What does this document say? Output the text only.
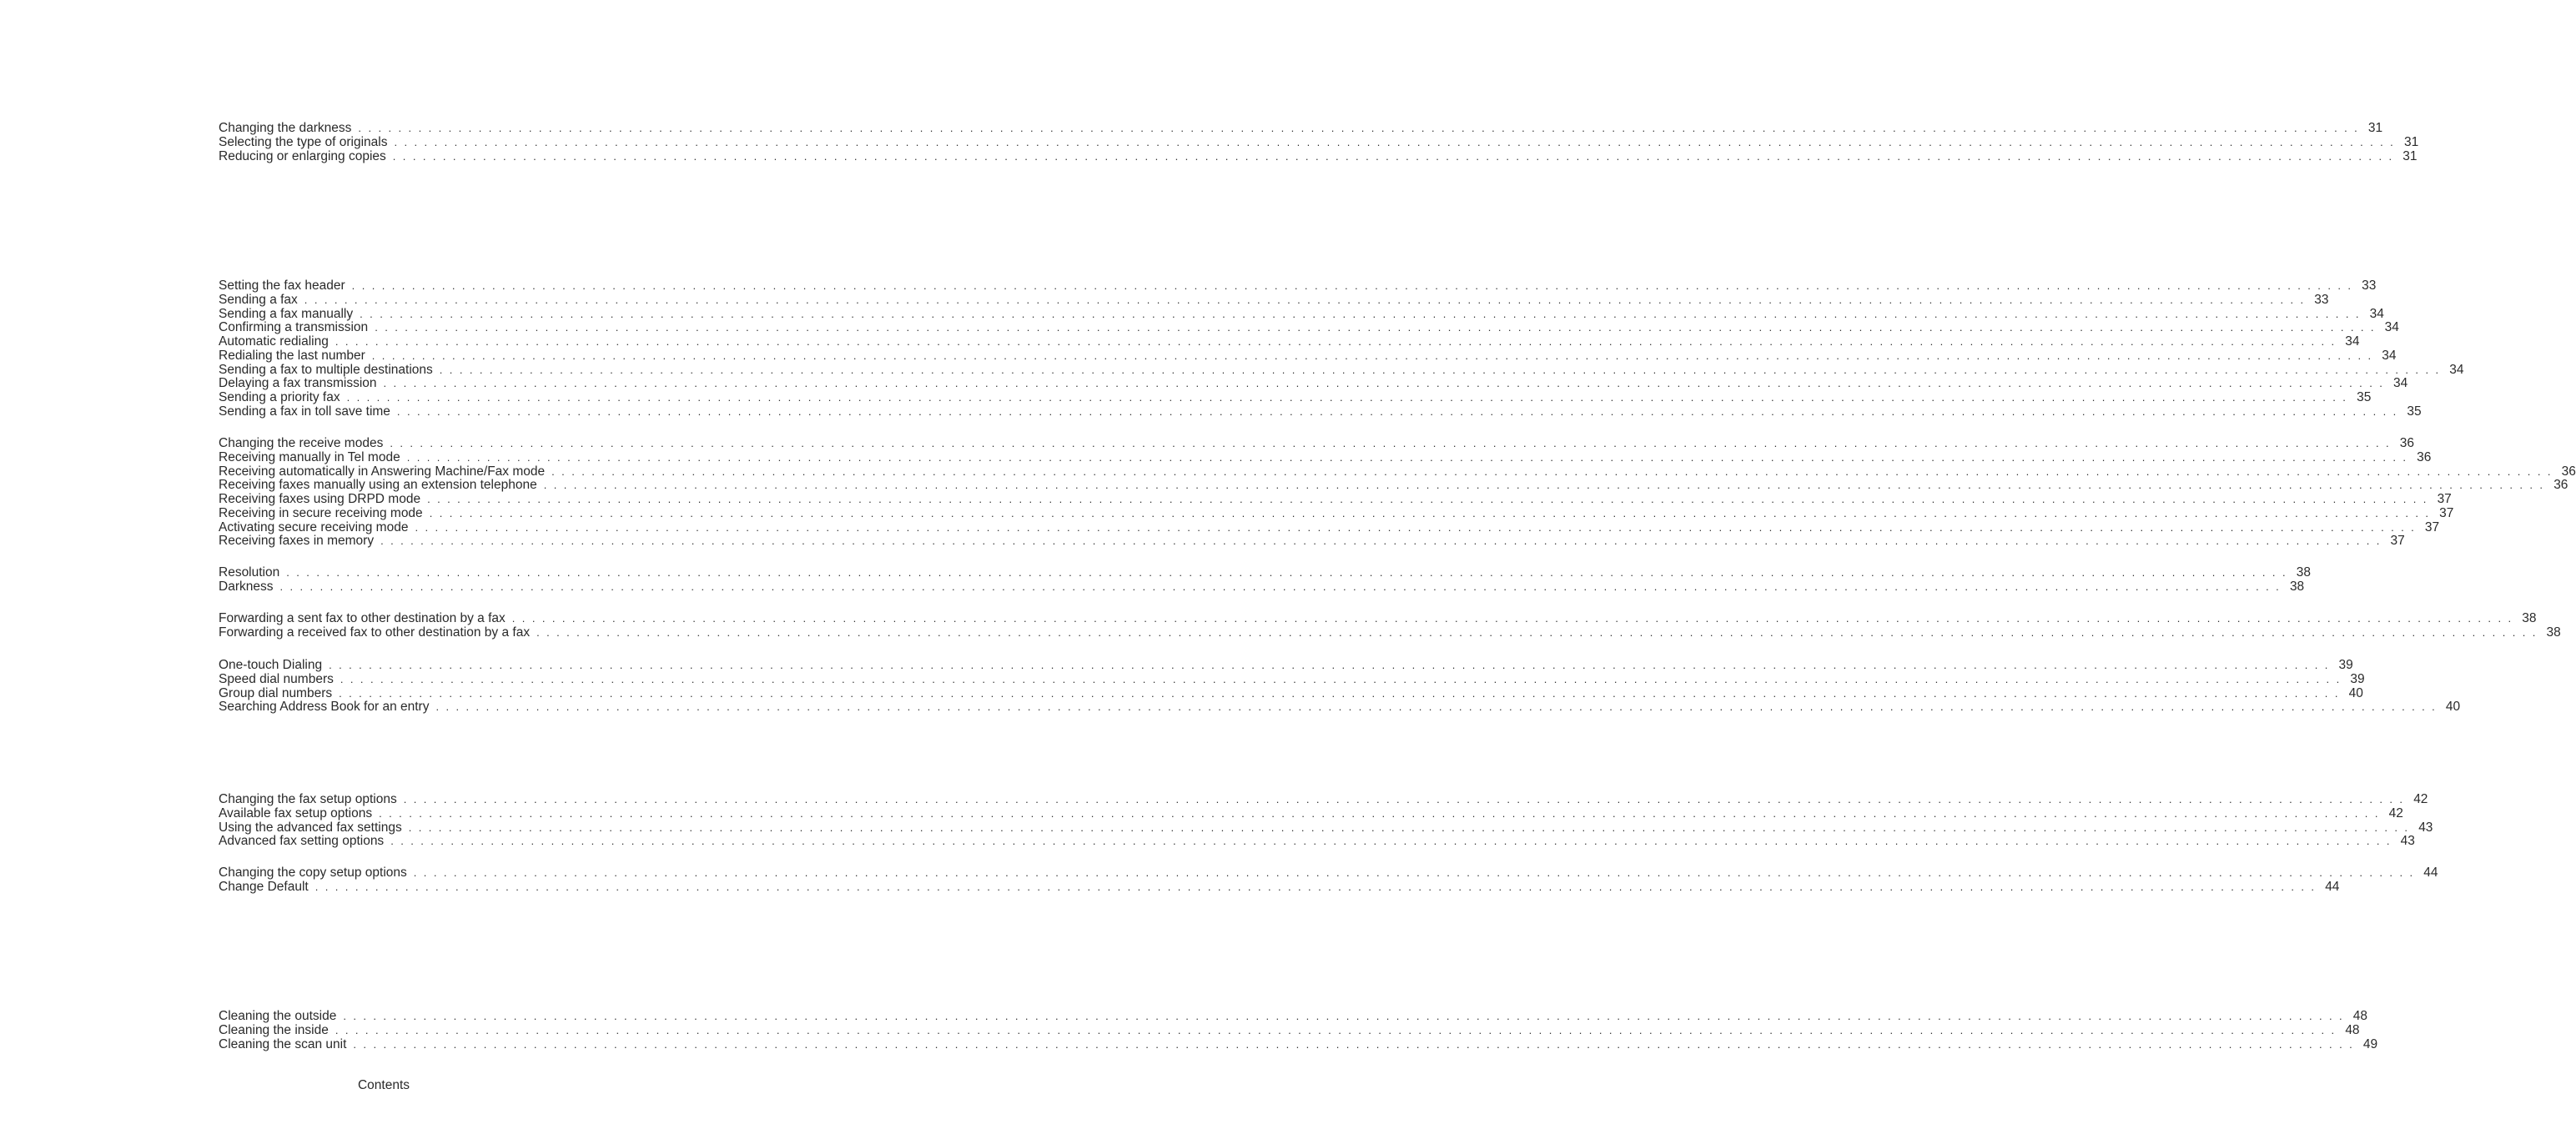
Changing the darkness . . . . . . . . . . . . . . . . . . . . . . . . . . . . . . . . . . . . . . . . . . . . . . . . . . . . . . . . . . . . . . . . . . . . . . . . . . . . . . . . . . . . . . . . . . . . . . . . . . . . . . . . . . . . . . . . . . . . . . . . . . . . . . . . . . . . . . . . . . . . . . . . . . . . . . . . . . . . . . . . . . . . . . . . . . . . . . . . . . . . . . . . . . . . . . . . . . . . . . . . 31
Selecting the type of originals . . . . . . . . . . . . . . . . . . . . . . . . . . . . . . . . . . . . . . . . . . . . . . . . . . . . . . . . . . . . . . . . . . . . . . . . . . . . . . . . . . . . . . . . . . . . . . . . . . . . . . . . . . . . . . . . . . . . . . . . . . . . . . . . . . . . . . . . . . . . . . . . . . . . . . . . . . . . . . . . . . . . . . . . . . . . . . . . . . . . . . . . . . . . . . . . . . . . . . . . 31
Reducing or enlarging copies . . . . . . . . . . . . . . . . . . . . . . . . . . . . . . . . . . . . . . . . . . . . . . . . . . . . . . . . . . . . . . . . . . . . . . . . . . . . . . . . . . . . . . . . . . . . . . . . . . . . . . . . . . . . . . . . . . . . . . . . . . . . . . . . . . . . . . . . . . . . . . . . . . . . . . . . . . . . . . . . . . . . . . . . . . . . . . . . . . . . . . . . . . . . . . . . . . . . . . . . 31
Setting the fax header . . . . . . . . . . . . . . . . . . . . . . . . . . . . . . . . . . . . . . . . . . . . . . . . . . . . . . . . . . . . . . . . . . . . . . . . . . . . . . . . . . . . . . . . . . . . . . . . . . . . . . . . . . . . . . . . . . . . . . . . . . . . . . . . . . . . . . . . . . . . . . . . . . . . . . . . . . . . . . . . . . . . . . . . . . . . . . . . . . . . . . . . . . . . . . . . . . . . . . . . 33
Sending a fax . . . . . . . . . . . . . . . . . . . . . . . . . . . . . . . . . . . . . . . . . . . . . . . . . . . . . . . . . . . . . . . . . . . . . . . . . . . . . . . . . . . . . . . . . . . . . . . . . . . . . . . . . . . . . . . . . . . . . . . . . . . . . . . . . . . . . . . . . . . . . . . . . . . . . . . . . . . . . . . . . . . . . . . . . . . . . . . . . . . . . . . . . . . . . . . . . . . . . . . . 33
Sending a fax manually . . . . . . . . . . . . . . . . . . . . . . . . . . . . . . . . . . . . . . . . . . . . . . . . . . . . . . . . . . . . . . . . . . . . . . . . . . . . . . . . . . . . . . . . . . . . . . . . . . . . . . . . . . . . . . . . . . . . . . . . . . . . . . . . . . . . . . . . . . . . . . . . . . . . . . . . . . . . . . . . . . . . . . . . . . . . . . . . . . . . . . . . . . . . . . . . . . . . . . . . 34
Confirming a transmission . . . . . . . . . . . . . . . . . . . . . . . . . . . . . . . . . . . . . . . . . . . . . . . . . . . . . . . . . . . . . . . . . . . . . . . . . . . . . . . . . . . . . . . . . . . . . . . . . . . . . . . . . . . . . . . . . . . . . . . . . . . . . . . . . . . . . . . . . . . . . . . . . . . . . . . . . . . . . . . . . . . . . . . . . . . . . . . . . . . . . . . . . . . . . . . . . . . . . . . . 34
Automatic redialing . . . . . . . . . . . . . . . . . . . . . . . . . . . . . . . . . . . . . . . . . . . . . . . . . . . . . . . . . . . . . . . . . . . . . . . . . . . . . . . . . . . . . . . . . . . . . . . . . . . . . . . . . . . . . . . . . . . . . . . . . . . . . . . . . . . . . . . . . . . . . . . . . . . . . . . . . . . . . . . . . . . . . . . . . . . . . . . . . . . . . . . . . . . . . . . . . . . . . . . . 34
Redialing the last number . . . . . . . . . . . . . . . . . . . . . . . . . . . . . . . . . . . . . . . . . . . . . . . . . . . . . . . . . . . . . . . . . . . . . . . . . . . . . . . . . . . . . . . . . . . . . . . . . . . . . . . . . . . . . . . . . . . . . . . . . . . . . . . . . . . . . . . . . . . . . . . . . . . . . . . . . . . . . . . . . . . . . . . . . . . . . . . . . . . . . . . . . . . . . . . . . . . . . . . . 34
Sending a fax to multiple destinations . . . . . . . . . . . . . . . . . . . . . . . . . . . . . . . . . . . . . . . . . . . . . . . . . . . . . . . . . . . . . . . . . . . . . . . . . . . . . . . . . . . . . . . . . . . . . . . . . . . . . . . . . . . . . . . . . . . . . . . . . . . . . . . . . . . . . . . . . . . . . . . . . . . . . . . . . . . . . . . . . . . . . . . . . . . . . . . . . . . . . . . . . . . . . . . . . . . . . . . . 34
Delaying a fax transmission . . . . . . . . . . . . . . . . . . . . . . . . . . . . . . . . . . . . . . . . . . . . . . . . . . . . . . . . . . . . . . . . . . . . . . . . . . . . . . . . . . . . . . . . . . . . . . . . . . . . . . . . . . . . . . . . . . . . . . . . . . . . . . . . . . . . . . . . . . . . . . . . . . . . . . . . . . . . . . . . . . . . . . . . . . . . . . . . . . . . . . . . . . . . . . . . . . . . . . . . 34
Sending a priority fax . . . . . . . . . . . . . . . . . . . . . . . . . . . . . . . . . . . . . . . . . . . . . . . . . . . . . . . . . . . . . . . . . . . . . . . . . . . . . . . . . . . . . . . . . . . . . . . . . . . . . . . . . . . . . . . . . . . . . . . . . . . . . . . . . . . . . . . . . . . . . . . . . . . . . . . . . . . . . . . . . . . . . . . . . . . . . . . . . . . . . . . . . . . . . . . . . . . . . . . . 35
Sending a fax in toll save time . . . . . . . . . . . . . . . . . . . . . . . . . . . . . . . . . . . . . . . . . . . . . . . . . . . . . . . . . . . . . . . . . . . . . . . . . . . . . . . . . . . . . . . . . . . . . . . . . . . . . . . . . . . . . . . . . . . . . . . . . . . . . . . . . . . . . . . . . . . . . . . . . . . . . . . . . . . . . . . . . . . . . . . . . . . . . . . . . . . . . . . . . . . . . . . . . . . . . . . . 35
Changing the receive modes . . . . . . . . . . . . . . . . . . . . . . . . . . . . . . . . . . . . . . . . . . . . . . . . . . . . . . . . . . . . . . . . . . . . . . . . . . . . . . . . . . . . . . . . . . . . . . . . . . . . . . . . . . . . . . . . . . . . . . . . . . . . . . . . . . . . . . . . . . . . . . . . . . . . . . . . . . . . . . . . . . . . . . . . . . . . . . . . . . . . . . . . . . . . . . . . . . . . . . . . 36
Receiving manually in Tel mode . . . . . . . . . . . . . . . . . . . . . . . . . . . . . . . . . . . . . . . . . . . . . . . . . . . . . . . . . . . . . . . . . . . . . . . . . . . . . . . . . . . . . . . . . . . . . . . . . . . . . . . . . . . . . . . . . . . . . . . . . . . . . . . . . . . . . . . . . . . . . . . . . . . . . . . . . . . . . . . . . . . . . . . . . . . . . . . . . . . . . . . . . . . . . . . . . . . . . . . . 36
Receiving automatically in Answering Machine/Fax mode . . . . . . . . . . . . . . . . . . . . . . . . . . . . . . . . . . . . . . . . . . . . . . . . . . . . . . . . . . . . . . . . . . . . . . . . . . . . . . . . . . . . . . . . . . . . . . . . . . . . . . . . . . . . . . . . . . . . . . . . . . . . . . . . . . . . . . . . . . . . . . . . . . . . . . . . . . . . . . . . . . . . . . . . . . . . . . . . . . . . . . . . . . . . . . . . . . . . . . . . 36
Receiving faxes manually using an extension telephone . . . . . . . . . . . . . . . . . . . . . . . . . . . . . . . . . . . . . . . . . . . . . . . . . . . . . . . . . . . . . . . . . . . . . . . . . . . . . . . . . . . . . . . . . . . . . . . . . . . . . . . . . . . . . . . . . . . . . . . . . . . . . . . . . . . . . . . . . . . . . . . . . . . . . . . . . . . . . . . . . . . . . . . . . . . . . . . . . . . . . . . . . . . . . . . . . . . . . . . . 36
Receiving faxes using DRPD mode . . . . . . . . . . . . . . . . . . . . . . . . . . . . . . . . . . . . . . . . . . . . . . . . . . . . . . . . . . . . . . . . . . . . . . . . . . . . . . . . . . . . . . . . . . . . . . . . . . . . . . . . . . . . . . . . . . . . . . . . . . . . . . . . . . . . . . . . . . . . . . . . . . . . . . . . . . . . . . . . . . . . . . . . . . . . . . . . . . . . . . . . . . . . . . . . . . . . . . . . 37
Receiving in secure receiving mode . . . . . . . . . . . . . . . . . . . . . . . . . . . . . . . . . . . . . . . . . . . . . . . . . . . . . . . . . . . . . . . . . . . . . . . . . . . . . . . . . . . . . . . . . . . . . . . . . . . . . . . . . . . . . . . . . . . . . . . . . . . . . . . . . . . . . . . . . . . . . . . . . . . . . . . . . . . . . . . . . . . . . . . . . . . . . . . . . . . . . . . . . . . . . . . . . . . . . . . . 37
Activating secure receiving mode . . . . . . . . . . . . . . . . . . . . . . . . . . . . . . . . . . . . . . . . . . . . . . . . . . . . . . . . . . . . . . . . . . . . . . . . . . . . . . . . . . . . . . . . . . . . . . . . . . . . . . . . . . . . . . . . . . . . . . . . . . . . . . . . . . . . . . . . . . . . . . . . . . . . . . . . . . . . . . . . . . . . . . . . . . . . . . . . . . . . . . . . . . . . . . . . . . . . . . . . 37
Receiving faxes in memory . . . . . . . . . . . . . . . . . . . . . . . . . . . . . . . . . . . . . . . . . . . . . . . . . . . . . . . . . . . . . . . . . . . . . . . . . . . . . . . . . . . . . . . . . . . . . . . . . . . . . . . . . . . . . . . . . . . . . . . . . . . . . . . . . . . . . . . . . . . . . . . . . . . . . . . . . . . . . . . . . . . . . . . . . . . . . . . . . . . . . . . . . . . . . . . . . . . . . . . . 37
Resolution . . . . . . . . . . . . . . . . . . . . . . . . . . . . . . . . . . . . . . . . . . . . . . . . . . . . . . . . . . . . . . . . . . . . . . . . . . . . . . . . . . . . . . . . . . . . . . . . . . . . . . . . . . . . . . . . . . . . . . . . . . . . . . . . . . . . . . . . . . . . . . . . . . . . . . . . . . . . . . . . . . . . . . . . . . . . . . . . . . . . . . . . . . . . . . . . . . . . . . . . 38
Darkness . . . . . . . . . . . . . . . . . . . . . . . . . . . . . . . . . . . . . . . . . . . . . . . . . . . . . . . . . . . . . . . . . . . . . . . . . . . . . . . . . . . . . . . . . . . . . . . . . . . . . . . . . . . . . . . . . . . . . . . . . . . . . . . . . . . . . . . . . . . . . . . . . . . . . . . . . . . . . . . . . . . . . . . . . . . . . . . . . . . . . . . . . . . . . . . . . . . . . . . . 38
Forwarding a sent fax to other destination by a fax . . . . . . . . . . . . . . . . . . . . . . . . . . . . . . . . . . . . . . . . . . . . . . . . . . . . . . . . . . . . . . . . . . . . . . . . . . . . . . . . . . . . . . . . . . . . . . . . . . . . . . . . . . . . . . . . . . . . . . . . . . . . . . . . . . . . . . . . . . . . . . . . . . . . . . . . . . . . . . . . . . . . . . . . . . . . . . . . . . . . . . . . . . . . . . . . . . . . . . . . 38
Forwarding a received fax to other destination by a fax . . . . . . . . . . . . . . . . . . . . . . . . . . . . . . . . . . . . . . . . . . . . . . . . . . . . . . . . . . . . . . . . . . . . . . . . . . . . . . . . . . . . . . . . . . . . . . . . . . . . . . . . . . . . . . . . . . . . . . . . . . . . . . . . . . . . . . . . . . . . . . . . . . . . . . . . . . . . . . . . . . . . . . . . . . . . . . . . . . . . . . . . . . . . . . . . . . . . . . . . 38
One-touch Dialing . . . . . . . . . . . . . . . . . . . . . . . . . . . . . . . . . . . . . . . . . . . . . . . . . . . . . . . . . . . . . . . . . . . . . . . . . . . . . . . . . . . . . . . . . . . . . . . . . . . . . . . . . . . . . . . . . . . . . . . . . . . . . . . . . . . . . . . . . . . . . . . . . . . . . . . . . . . . . . . . . . . . . . . . . . . . . . . . . . . . . . . . . . . . . . . . . . . . . . . . 39
Speed dial numbers . . . . . . . . . . . . . . . . . . . . . . . . . . . . . . . . . . . . . . . . . . . . . . . . . . . . . . . . . . . . . . . . . . . . . . . . . . . . . . . . . . . . . . . . . . . . . . . . . . . . . . . . . . . . . . . . . . . . . . . . . . . . . . . . . . . . . . . . . . . . . . . . . . . . . . . . . . . . . . . . . . . . . . . . . . . . . . . . . . . . . . . . . . . . . . . . . . . . . . . . 39
Group dial numbers . . . . . . . . . . . . . . . . . . . . . . . . . . . . . . . . . . . . . . . . . . . . . . . . . . . . . . . . . . . . . . . . . . . . . . . . . . . . . . . . . . . . . . . . . . . . . . . . . . . . . . . . . . . . . . . . . . . . . . . . . . . . . . . . . . . . . . . . . . . . . . . . . . . . . . . . . . . . . . . . . . . . . . . . . . . . . . . . . . . . . . . . . . . . . . . . . . . . . . . . 40
Searching Address Book for an entry . . . . . . . . . . . . . . . . . . . . . . . . . . . . . . . . . . . . . . . . . . . . . . . . . . . . . . . . . . . . . . . . . . . . . . . . . . . . . . . . . . . . . . . . . . . . . . . . . . . . . . . . . . . . . . . . . . . . . . . . . . . . . . . . . . . . . . . . . . . . . . . . . . . . . . . . . . . . . . . . . . . . . . . . . . . . . . . . . . . . . . . . . . . . . . . . . . . . . . . . 40
Changing the fax setup options . . . . . . . . . . . . . . . . . . . . . . . . . . . . . . . . . . . . . . . . . . . . . . . . . . . . . . . . . . . . . . . . . . . . . . . . . . . . . . . . . . . . . . . . . . . . . . . . . . . . . . . . . . . . . . . . . . . . . . . . . . . . . . . . . . . . . . . . . . . . . . . . . . . . . . . . . . . . . . . . . . . . . . . . . . . . . . . . . . . . . . . . . . . . . . . . . . . . . . . . 42
Available fax setup options . . . . . . . . . . . . . . . . . . . . . . . . . . . . . . . . . . . . . . . . . . . . . . . . . . . . . . . . . . . . . . . . . . . . . . . . . . . . . . . . . . . . . . . . . . . . . . . . . . . . . . . . . . . . . . . . . . . . . . . . . . . . . . . . . . . . . . . . . . . . . . . . . . . . . . . . . . . . . . . . . . . . . . . . . . . . . . . . . . . . . . . . . . . . . . . . . . . . . . . . 42
Using the advanced fax settings . . . . . . . . . . . . . . . . . . . . . . . . . . . . . . . . . . . . . . . . . . . . . . . . . . . . . . . . . . . . . . . . . . . . . . . . . . . . . . . . . . . . . . . . . . . . . . . . . . . . . . . . . . . . . . . . . . . . . . . . . . . . . . . . . . . . . . . . . . . . . . . . . . . . . . . . . . . . . . . . . . . . . . . . . . . . . . . . . . . . . . . . . . . . . . . . . . . . . . . . 43
Advanced fax setting options . . . . . . . . . . . . . . . . . . . . . . . . . . . . . . . . . . . . . . . . . . . . . . . . . . . . . . . . . . . . . . . . . . . . . . . . . . . . . . . . . . . . . . . . . . . . . . . . . . . . . . . . . . . . . . . . . . . . . . . . . . . . . . . . . . . . . . . . . . . . . . . . . . . . . . . . . . . . . . . . . . . . . . . . . . . . . . . . . . . . . . . . . . . . . . . . . . . . . . . . 43
Changing the copy setup options . . . . . . . . . . . . . . . . . . . . . . . . . . . . . . . . . . . . . . . . . . . . . . . . . . . . . . . . . . . . . . . . . . . . . . . . . . . . . . . . . . . . . . . . . . . . . . . . . . . . . . . . . . . . . . . . . . . . . . . . . . . . . . . . . . . . . . . . . . . . . . . . . . . . . . . . . . . . . . . . . . . . . . . . . . . . . . . . . . . . . . . . . . . . . . . . . . . . . . . . 44
Change Default . . . . . . . . . . . . . . . . . . . . . . . . . . . . . . . . . . . . . . . . . . . . . . . . . . . . . . . . . . . . . . . . . . . . . . . . . . . . . . . . . . . . . . . . . . . . . . . . . . . . . . . . . . . . . . . . . . . . . . . . . . . . . . . . . . . . . . . . . . . . . . . . . . . . . . . . . . . . . . . . . . . . . . . . . . . . . . . . . . . . . . . . . . . . . . . . . . . . . . . . 44
Cleaning the outside . . . . . . . . . . . . . . . . . . . . . . . . . . . . . . . . . . . . . . . . . . . . . . . . . . . . . . . . . . . . . . . . . . . . . . . . . . . . . . . . . . . . . . . . . . . . . . . . . . . . . . . . . . . . . . . . . . . . . . . . . . . . . . . . . . . . . . . . . . . . . . . . . . . . . . . . . . . . . . . . . . . . . . . . . . . . . . . . . . . . . . . . . . . . . . . . . . . . . . . . 48
Cleaning the inside . . . . . . . . . . . . . . . . . . . . . . . . . . . . . . . . . . . . . . . . . . . . . . . . . . . . . . . . . . . . . . . . . . . . . . . . . . . . . . . . . . . . . . . . . . . . . . . . . . . . . . . . . . . . . . . . . . . . . . . . . . . . . . . . . . . . . . . . . . . . . . . . . . . . . . . . . . . . . . . . . . . . . . . . . . . . . . . . . . . . . . . . . . . . . . . . . . . . . . . . 48
Cleaning the scan unit . . . . . . . . . . . . . . . . . . . . . . . . . . . . . . . . . . . . . . . . . . . . . . . . . . . . . . . . . . . . . . . . . . . . . . . . . . . . . . . . . . . . . . . . . . . . . . . . . . . . . . . . . . . . . . . . . . . . . . . . . . . . . . . . . . . . . . . . . . . . . . . . . . . . . . . . . . . . . . . . . . . . . . . . . . . . . . . . . . . . . . . . . . . . . . . . . . . . . . . . 49
Contents
